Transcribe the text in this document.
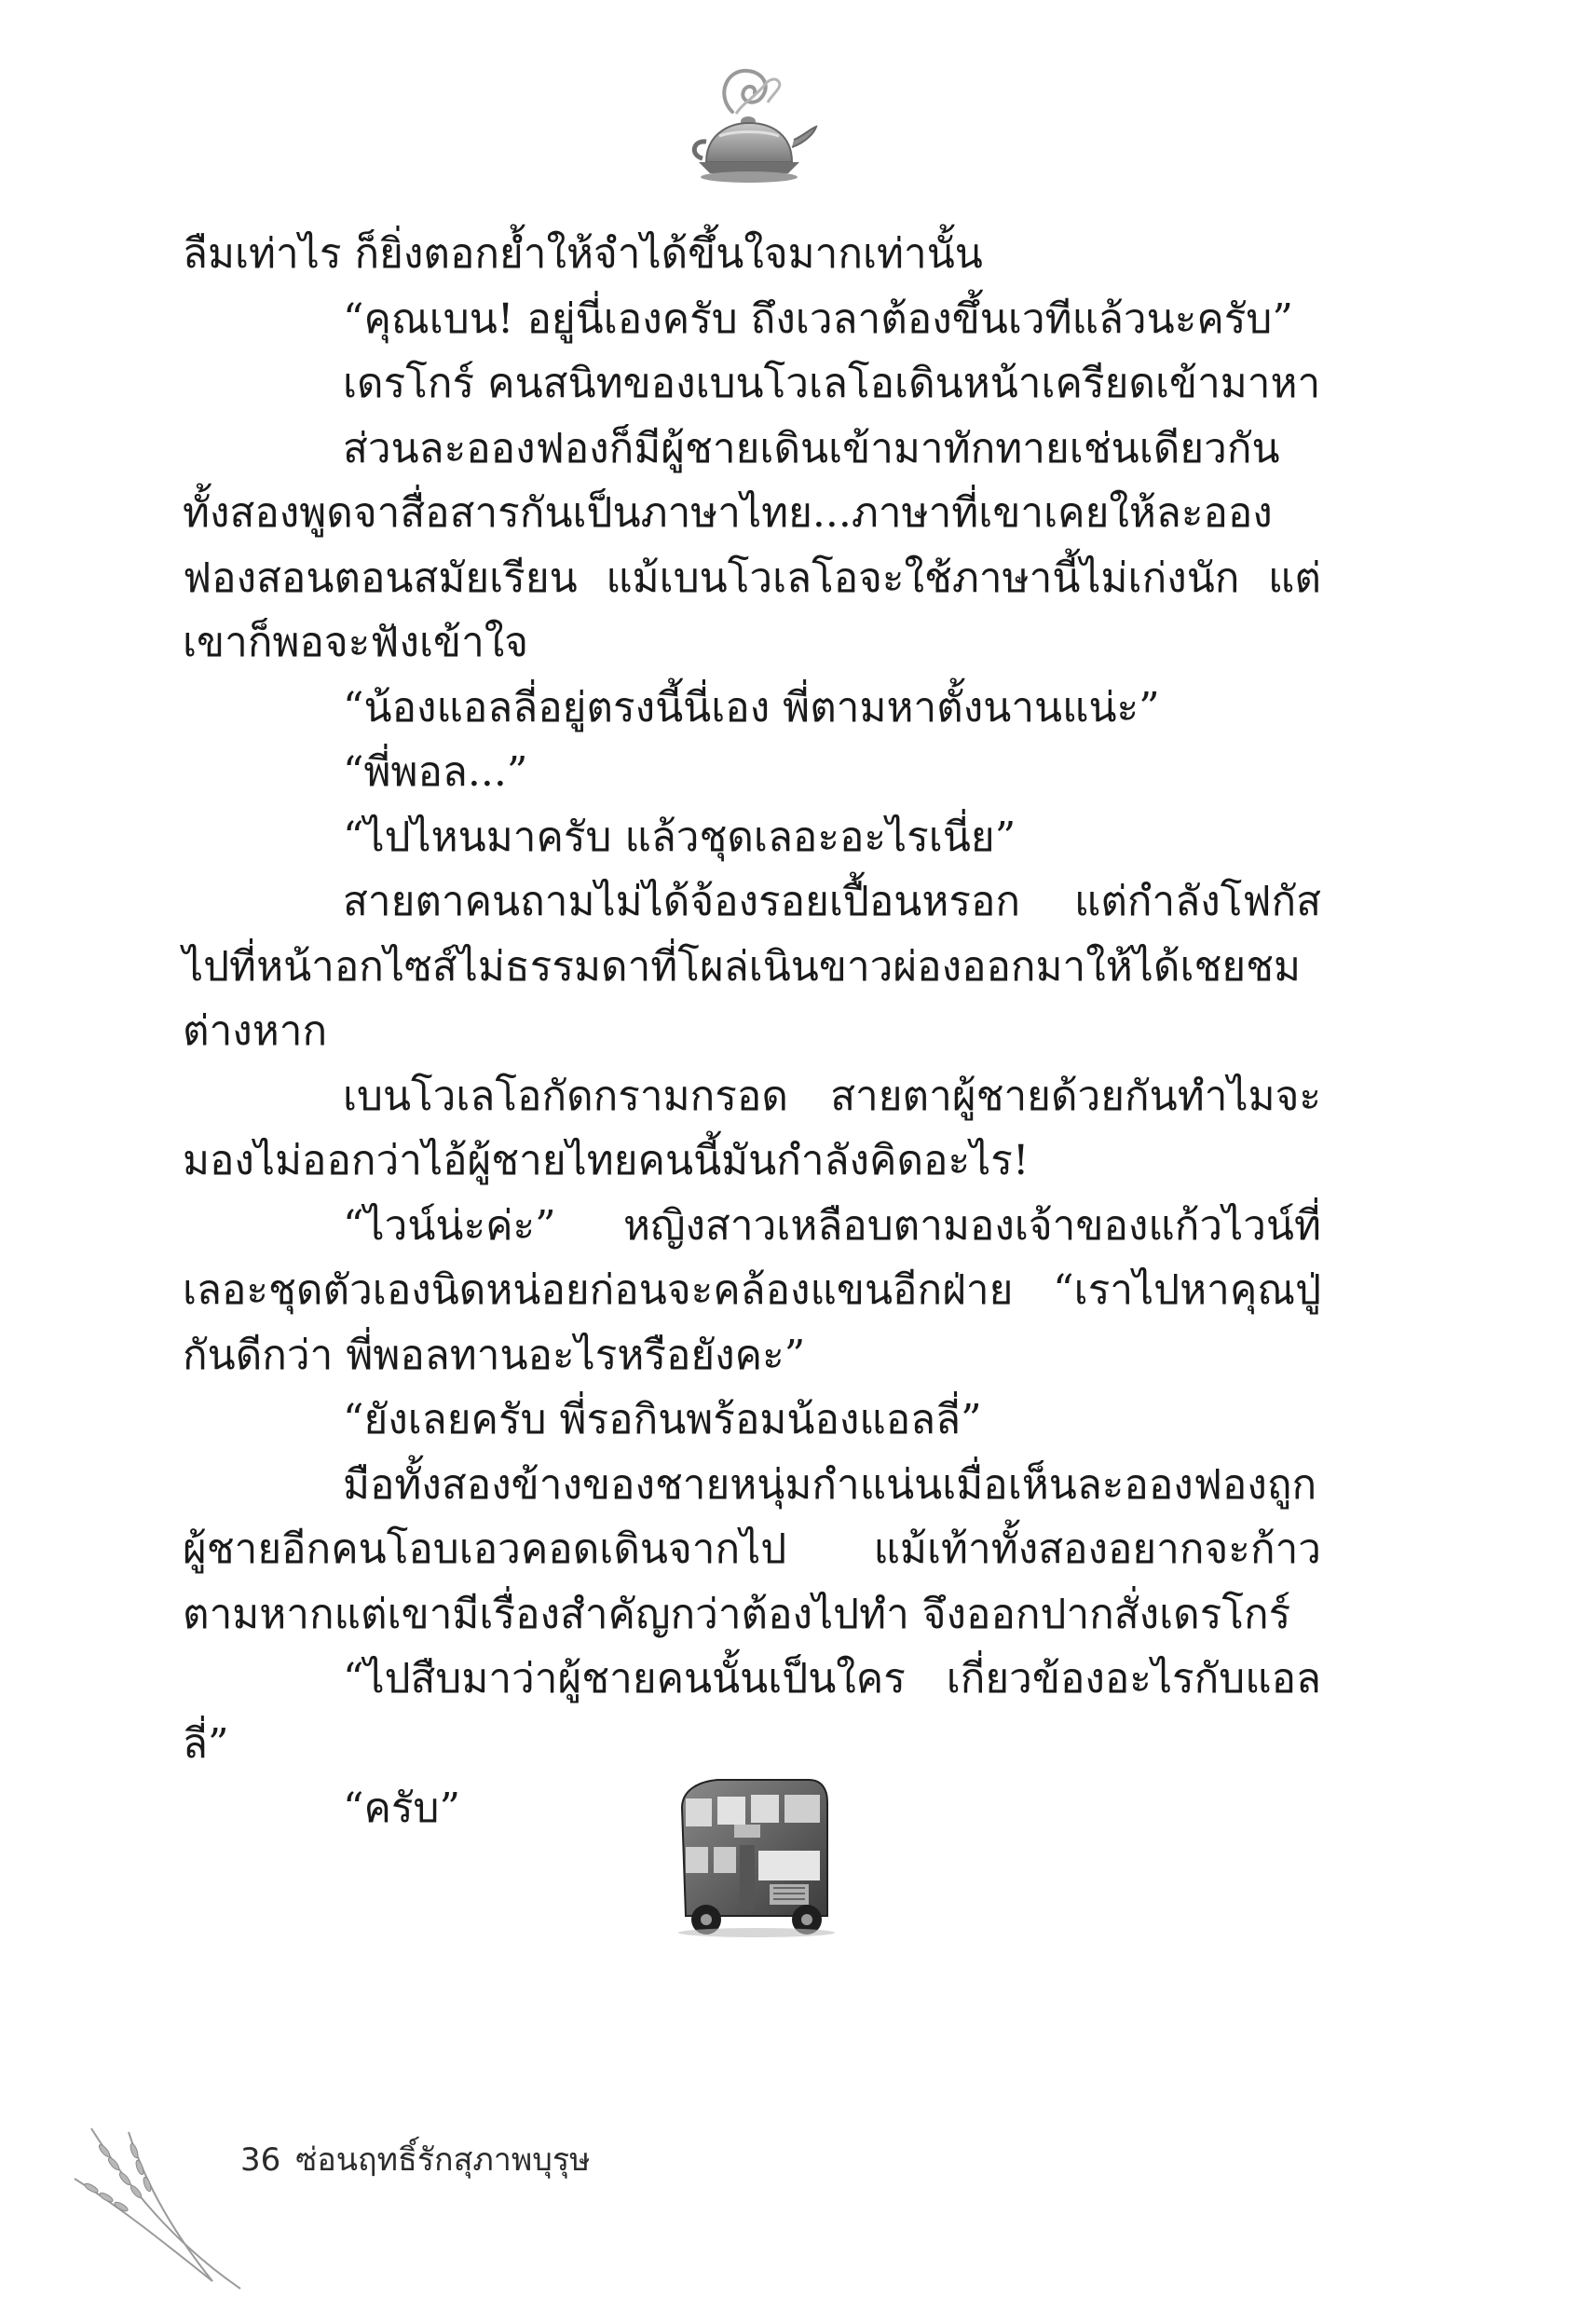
ลืมเท่าไร ก็ยิ่งตอกย้ำให้จำได้ขึ้นใจมากเท่านั้น

“คุณเบน! อยู่นี่เองครับ ถึงเวลาต้องขึ้นเวทีแล้วนะครับ”

เดรโกร์ คนสนิทของเบนโวเลโอเดินหน้าเครียดเข้ามาหา

ส่วนละอองฟองก็มีผู้ชายเดินเข้ามาทักทายเช่นเดียวกัน ทั้งสองพูดจาสื่อสารกันเป็นภาษาไทย...ภาษาที่เขาเคยให้ละอองฟองสอนตอนสมัยเรียน แม้เบนโวเลโอจะใช้ภาษานี้ไม่เก่งนัก แต่เขาก็พอจะฟังเข้าใจ

“น้องแอลลี่อยู่ตรงนี้นี่เอง พี่ตามหาตั้งนานแน่ะ”

“พี่พอล...”

“ไปไหนมาครับ แล้วชุดเลอะอะไรเนี่ย”

สายตาคนถามไม่ได้จ้องรอยเปื้อนหรอก แต่กำลังโฟกัสไปที่หน้าอกไซส์ไม่ธรรมดาที่โผล่เนินขาวผ่องออกมาให้ได้เชยชมต่างหาก

เบนโวเลโอกัดกรามกรอด สายตาผู้ชายด้วยกันทำไมจะมองไม่ออกว่าไอ้ผู้ชายไทยคนนี้มันกำลังคิดอะไร!

“ไวน์น่ะค่ะ” หญิงสาวเหลือบตามองเจ้าของแก้วไวน์ที่เลอะชุดตัวเองนิดหน่อยก่อนจะคล้องแขนอีกฝ่าย “เราไปหาคุณปู่กันดีกว่า พี่พอลทานอะไรหรือยังคะ”

“ยังเลยครับ พี่รอกินพร้อมน้องแอลลี่”

มือทั้งสองข้างของชายหนุ่มกำแน่นเมื่อเห็นละอองฟองถูกผู้ชายอีกคนโอบเอวคอดเดินจากไป แม้เท้าทั้งสองอยากจะก้าวตามหากแต่เขามีเรื่องสำคัญกว่าต้องไปทำ จึงออกปากสั่งเดรโกร์

“ไปสืบมาว่าผู้ชายคนนั้นเป็นใคร เกี่ยวข้องอะไรกับแอลลี่”

“ครับ”

36 ซ่อนฤทธิ์รักสุภาพบุรุษ
